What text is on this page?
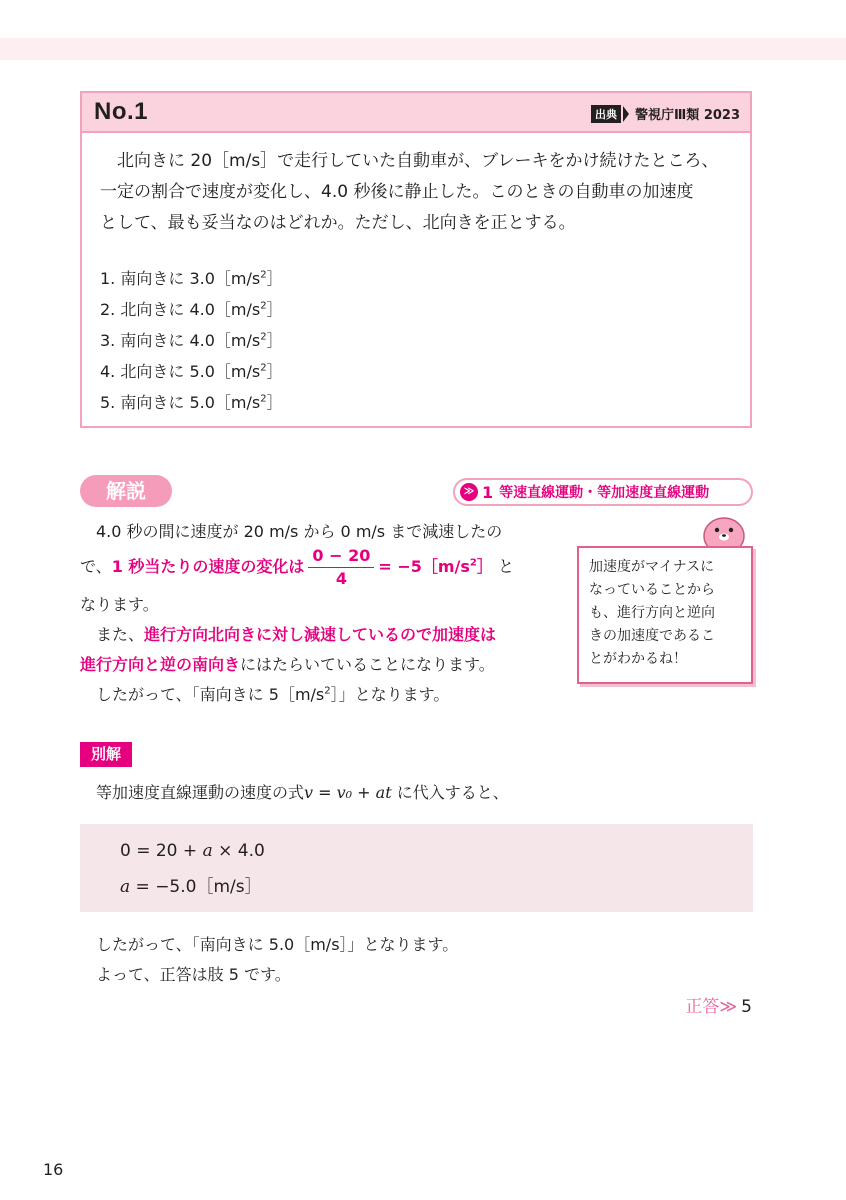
No.1	出典	警視庁Ⅲ類 2023

北向きに 20［m/s］で走行していた自動車が、ブレーキをかけ続けたところ、

一定の割合で速度が変化し、4.0 秒後に静止した。このときの自動車の加速度

として、最も妥当なのはどれか。ただし、北向きを正とする。

1. 南向きに $3.0[m/s^2]$
2. 北向きに $4.0[m/s^2]$
3. 南向きに $4.0[m/s^2]$
4. 北向きに $5.0[m/s^2]$
5. 南向きに $5.0[m/s^2]$
解説	≫ 1 等速直線運動・等加速度直線運動
4.0 秒の間に速度が 20 m/s から 0 m/s まで減速したの
で、1 秒当たりの速度の変化は $\frac{0 - 20}{4}$ = $-5[m/s^2]$ と
なります。
また、進行方向北向きに対し減速しているので加速度は
進行方向と逆の南向きにはたらいていることになります。
したがって、「南向きに $5[m/s^2]$」となります。
加速度がマイナスに
なっていることから
も、進行方向と逆向
きの加速度であるこ
とがわかるね！
別解
等加速度直線運動の速度の式v = v₀ + at に代入すると、
0 = 20 + a × 4.0
a = −5.0［m/s］
したがって、「南向きに 5.0［m/s］」となります。
よって、正答は肢 5 です。
正答≫ 5
16
